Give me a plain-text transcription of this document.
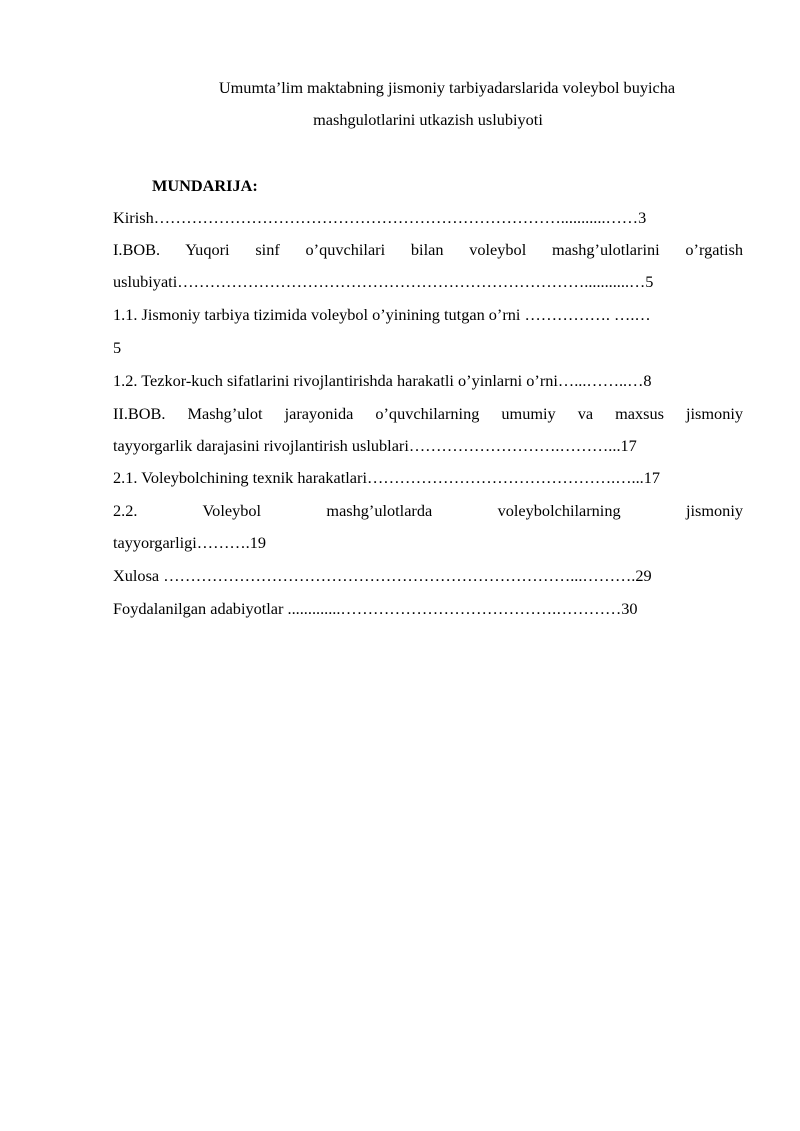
Umumta’lim maktabning jismoniy tarbiyadarslarida voleybol buyicha
mashgulotlarini utkazish uslubiyoti
MUNDARIJA:
Kirish…………………………………………………………………...........……3
I.BOB. Yuqori sinf o’quvchilari bilan voleybol mashg’ulotlarini o’rgatish
uslubiyati…………………………………………………………………...........…5
1.1. Jismoniy tarbiya tizimida voleybol o’yinining tutgan o’rni ……………. ….…
5
1.2. Tezkor-kuch sifatlarini rivojlantirishda harakatli o’yinlarni o’rni…...……..…8
II.BOB. Mashg’ulot jarayonida o’quvchilarning umumiy va maxsus jismoniy
tayyorgarlik darajasini rivojlantirish uslublari……………………….………...17
2.1. Voleybolchining texnik harakatlari……………………………………….…...17
2.2. Voleybol mashg’ulotlarda voleybolchilarning jismoniy
tayyorgarligi……….19
Xulosa …………………………………………………………………...……….29
Foydalanilgan adabiyotlar .............………………………………….…………30
